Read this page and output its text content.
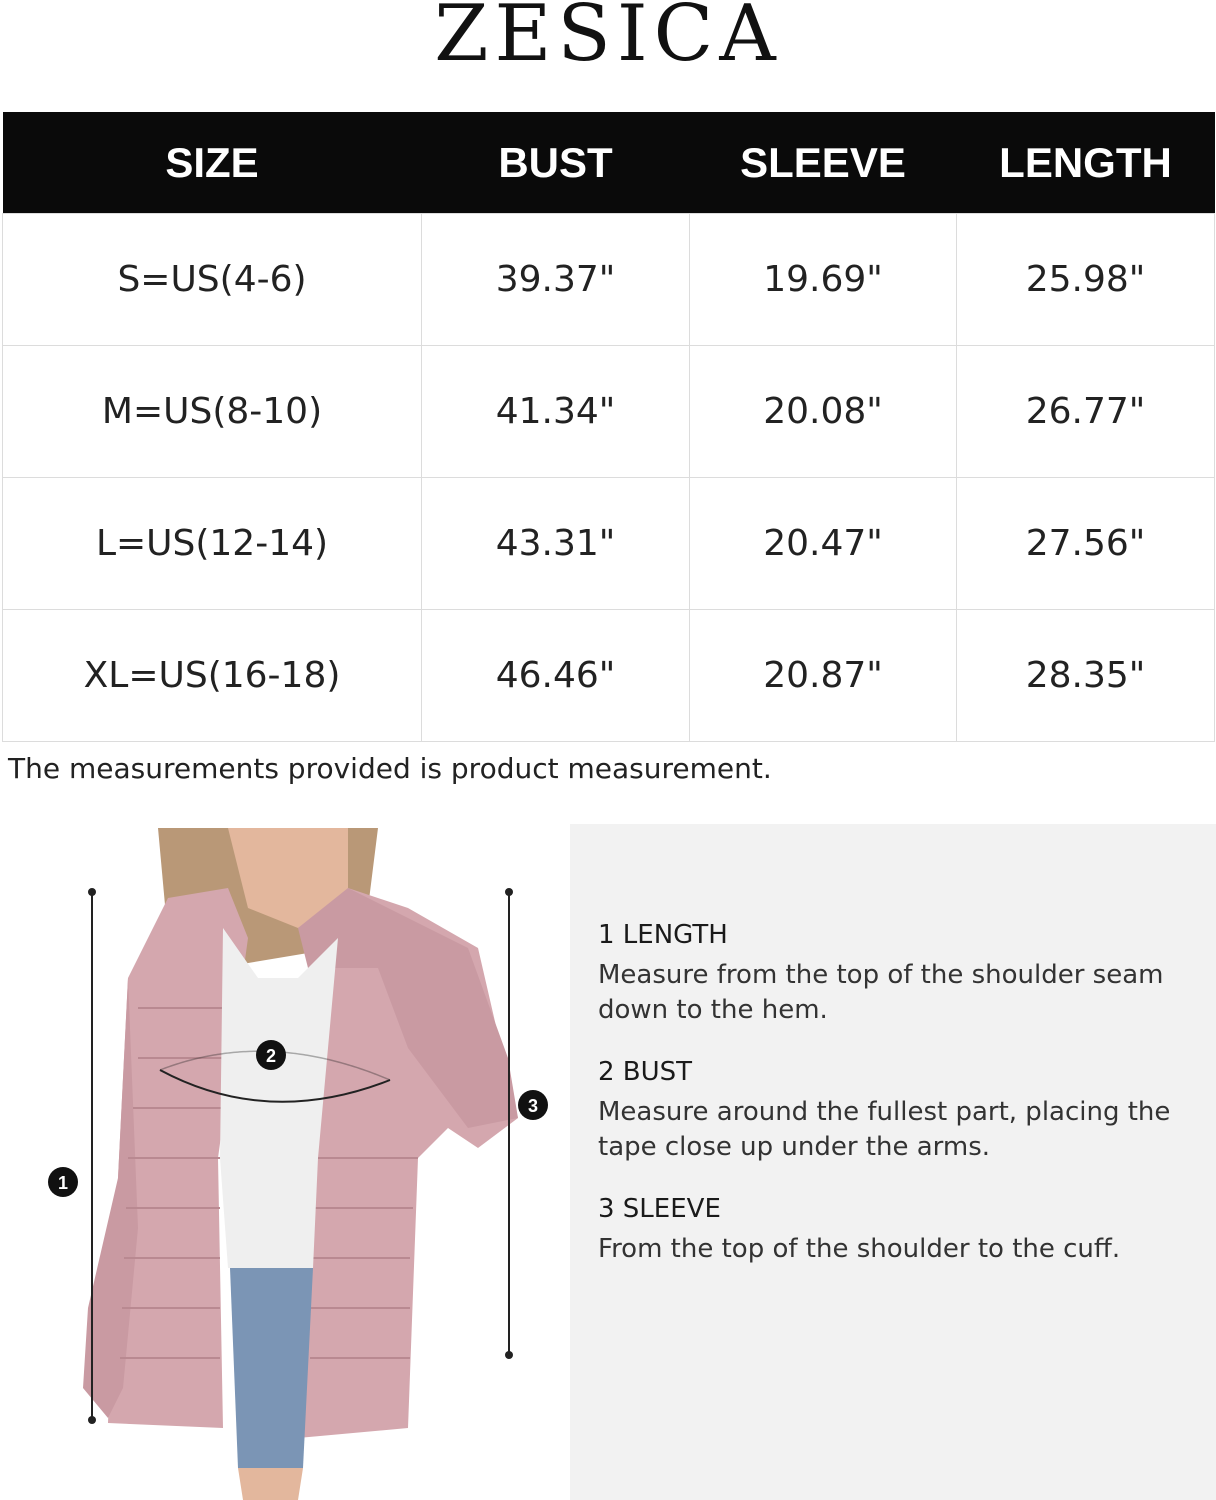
ZESICA
SIZE	BUST	SLEEVE	LENGTH
S=US(4-6)	39.37"	19.69"	25.98"
M=US(8-10)	41.34"	20.08"	26.77"
L=US(12-14)	43.31"	20.47"	27.56"
XL=US(16-18)	46.46"	20.87"	28.35"
The measurements provided is product measurement.
1
2
3
1 LENGTH
Measure from the top of the shoulder seam down to the hem.
2 BUST
Measure around the fullest part, placing the tape close up under the arms.
3 SLEEVE
From the top of the shoulder to the cuff.
